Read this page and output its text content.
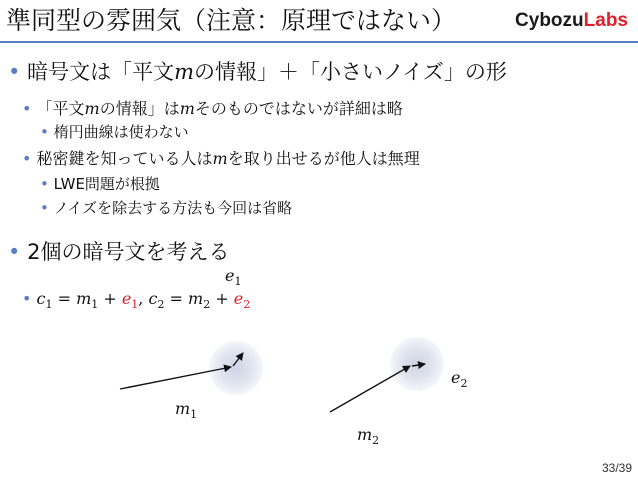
準同型の雰囲気（注意：原理ではない）	CybozuLabs
• 暗号文は「平文mの情報」＋「小さいノイズ」の形
• 「平文mの情報」はmそのものではないが詳細は略
• 楕円曲線は使わない
• 秘密鍵を知っている人はmを取り出せるが他人は無理
• LWE問題が根拠
• ノイズを除去する方法も今回は省略
• 2個の暗号文を考える
• $c_1 = m_1 + e_1$, $c_2 = m_2 + e_2$
$e_1$
$e_2$
$m_1$
$m_2$
33/39
